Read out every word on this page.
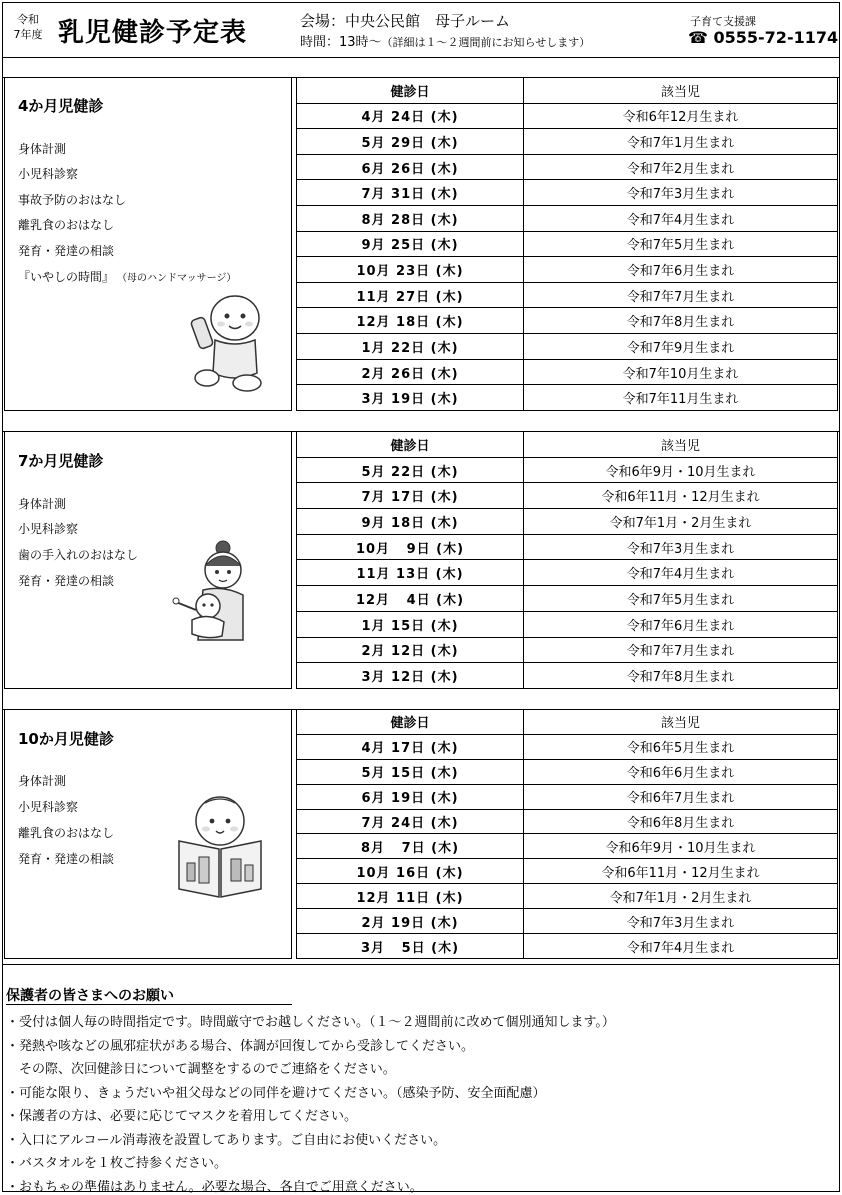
令和
7年度 乳児健診予定表	会場：中央公民館　母子ルーム
時間：13時～（詳細は１～２週間前にお知らせします）
子育て支援課
☎ 0555-72-1174
4か月児健診
身体計測
小児科診察
事故予防のおはなし
離乳食のおはなし
発育・発達の相談
『いやしの時間』 （母のハンドマッサージ）
健診日	該当児
4月 24日 (木)	令和6年12月生まれ
5月 29日 (木)	令和7年1月生まれ
6月 26日 (木)	令和7年2月生まれ
7月 31日 (木)	令和7年3月生まれ
8月 28日 (木)	令和7年4月生まれ
9月 25日 (木)	令和7年5月生まれ
10月 23日 (木)	令和7年6月生まれ
11月 27日 (木)	令和7年7月生まれ
12月 18日 (木)	令和7年8月生まれ
1月 22日 (木)	令和7年9月生まれ
2月 26日 (木)	令和7年10月生まれ
3月 19日 (木)	令和7年11月生まれ
7か月児健診
身体計測
小児科診察
歯の手入れのおはなし
発育・発達の相談
健診日	該当児
5月 22日 (木)	令和6年9月・10月生まれ
7月 17日 (木)	令和6年11月・12月生まれ
9月 18日 (木)	令和7年1月・2月生まれ
10月   9日 (木)	令和7年3月生まれ
11月 13日 (木)	令和7年4月生まれ
12月   4日 (木)	令和7年5月生まれ
1月 15日 (木)	令和7年6月生まれ
2月 12日 (木)	令和7年7月生まれ
3月 12日 (木)	令和7年8月生まれ
10か月児健診
身体計測
小児科診察
離乳食のおはなし
発育・発達の相談
健診日	該当児
4月 17日 (木)	令和6年5月生まれ
5月 15日 (木)	令和6年6月生まれ
6月 19日 (木)	令和6年7月生まれ
7月 24日 (木)	令和6年8月生まれ
8月   7日 (木)	令和6年9月・10月生まれ
10月 16日 (木)	令和6年11月・12月生まれ
12月 11日 (木)	令和7年1月・2月生まれ
2月 19日 (木)	令和7年3月生まれ
3月   5日 (木)	令和7年4月生まれ
保護者の皆さまへのお願い
・受付は個人毎の時間指定です。時間厳守でお越しください。（１～２週間前に改めて個別通知します。）
・発熱や咳などの風邪症状がある場合、体調が回復してから受診してください。
　その際、次回健診日について調整をするのでご連絡をください。
・可能な限り、きょうだいや祖父母などの同伴を避けてください。（感染予防、安全面配慮）
・保護者の方は、必要に応じてマスクを着用してください。
・入口にアルコール消毒液を設置してあります。ご自由にお使いください。
・バスタオルを１枚ご持参ください。
・おもちゃの準備はありません。必要な場合、各自でご用意ください。
